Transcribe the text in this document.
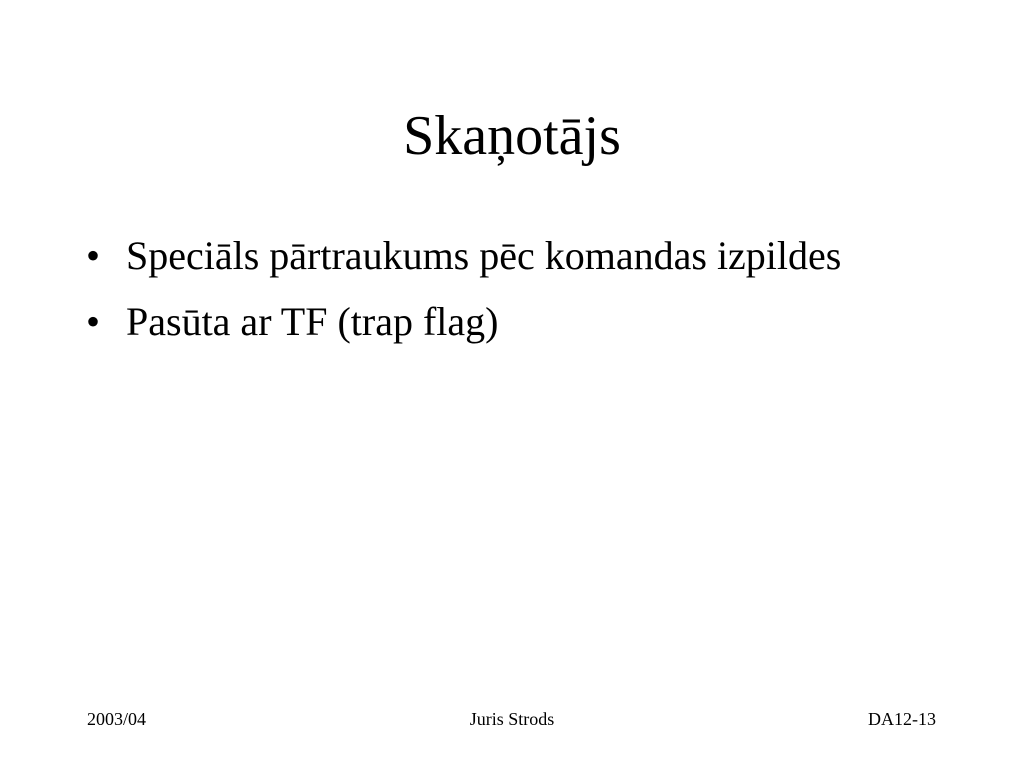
Skaņotājs
• Speciāls pārtraukums pēc komandas izpildes
• Pasūta ar TF (trap flag)
2003/04	Juris Strods	DA12-13
